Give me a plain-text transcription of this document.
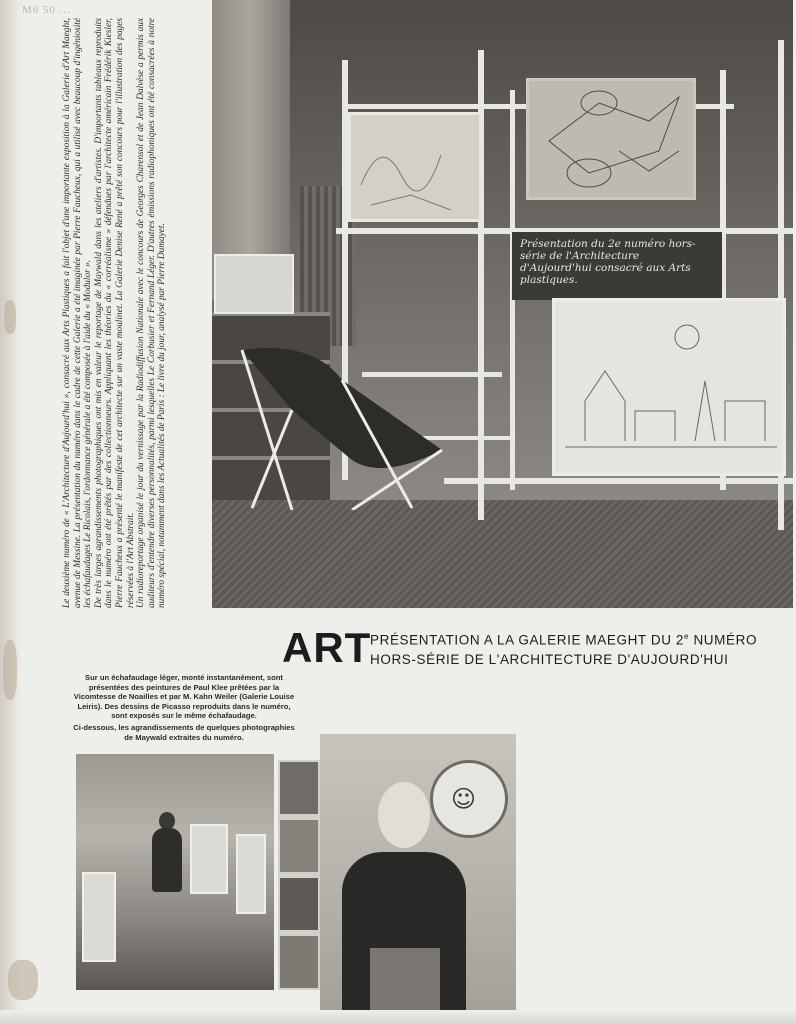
M6 50 ...

Le deuxième numéro de « L'Architecture d'Aujourd'hui », consacré aux Arts Plastiques a fait l'objet d'une importante exposition à la Galerie d'Art Maeght, avenue de Messine. La présentation du numéro dans le cadre de cette Galerie a été imaginée par Pierre Faucheux, qui a utilisé avec beaucoup d'ingéniosité les échafaudages Le Ricolais, l'ordonnance générale a été composée à l'aide du « Modulor ». De très larges agrandissements photographiques ont mis en valeur le reportage de Maywald dans les ateliers d'artistes. D'importants tableaux reproduits dans le numéro ont été prêtés par des collectionneurs. Appliquant les théories du « corréalisme » défendues par l'architecte américain Frédérik Kiesler, Pierre Faucheux a présenté le manifeste de cet architecte sur un vaste moulinet. La Galerie Denise René a prêté son concours pour l'illustration des pages réservées à l'Art Abstrait. Un radioreportage organisé le jour du vernissage par la Radiodiffusion Nationale avec le concours de Georges Charensol et de Jean Dalvèse a permis aux auditeurs d'entendre diverses personnalités, parmi lesquelles Le Corbusier et Fernand Léger. D'autres émissions radiophoniques ont été consacrées à notre numéro spécial, notamment dans les Actualités de Paris : Le livre du jour, analysé par Pierre Dumayet.	Présentation du 2e numéro hors-série de l'Architecture d'Aujourd'hui consacré aux Arts plastiques.
ART
PRÉSENTATION A LA GALERIE MAEGHT DU 2e NUMÉRO
HORS-SÉRIE DE L'ARCHITECTURE D'AUJOURD'HUI

Sur un échafaudage léger, monté instantanément, sont présentées des peintures de Paul Klee prêtées par la Vicomtesse de Noailles et par M. Kahn Weiler (Galerie Louise Leiris). Des dessins de Picasso reproduits dans le numéro, sont exposés sur le même échafaudage.

Ci-dessous, les agrandissements de quelques photographies de Maywald extraites du numéro.

☺
